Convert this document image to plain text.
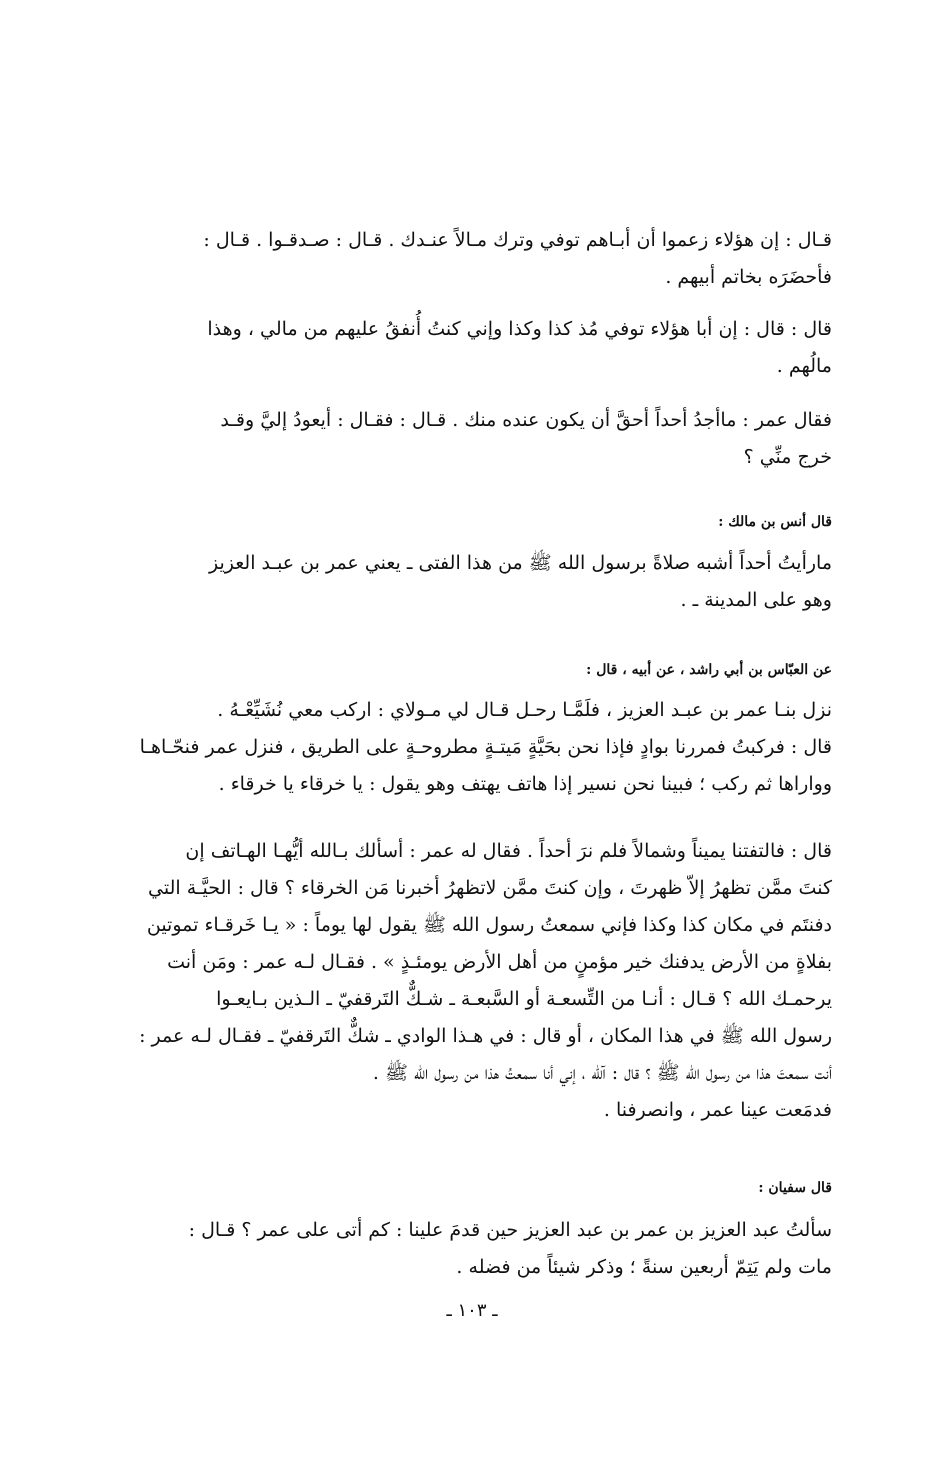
قـال : إن هؤلاء زعموا أن أبـاهم توفي وترك مـالاً عنـدك . قـال : صـدقـوا . قـال :
فأحضَرَه بخاتم أبيهم .
قال : قال : إن أبا هؤلاء توفي مُذ كذا وكذا وإني كنتُ أُنفقُ عليهم من مالي ، وهذا
مالُهم .
فقال عمر : ماأجدُ أحداً أحقَّ أن يكون عنده منك . قـال : فقـال : أيعودُ إليَّ وقـد
خرج منِّي ؟
قال أنس بن مالك :
مارأيتُ أحداً أشبه صلاةً برسول الله ﷺ من هذا الفتى ـ يعني عمر بن عبـد العزيز
وهو على المدينة ـ .
عن العبّاس بن أبي راشد ، عن أبيه ، قال :
نزل بنـا عمر بن عبـد العزيز ، فلَمَّـا رحـل قـال لي مـولاي : اركب معي نُشَيِّعْـهُ .
قال : فركبتُ فمررنا بوادٍ فإذا نحن بحَيَّةٍ مَيتـةٍ مطروحـةٍ على الطريق ، فنزل عمر فنحّـاهـا
وواراها ثم ركب ؛ فبينا نحن نسير إذا هاتف يهتف وهو يقول : يا خرقاء يا خرقاء .
قال : فالتفتنا يميناً وشمالاً فلم نرَ أحداً . فقال له عمر : أسألك بـالله أيُّهـا الهـاتف إن
كنتَ ممَّن تظهرُ إلاّ ظهرتَ ، وإن كنتَ ممَّن لاتظهرُ أخبرنا مَن الخرقاء ؟ قال : الحيَّـة التي
دفنتَم في مكان كذا وكذا فإني سمعتُ رسول الله ﷺ يقول لها يوماً : « يـا خَرقـاء تموتين
بفلاةٍ من الأرض يدفنك خير مؤمنٍ من أهل الأرض يومئـذٍ » . فقـال لـه عمر : ومَن أنت
يرحمـك الله ؟ قـال : أنـا من التِّسعـة أو السَّبعـة ـ شـكٌّ التَرقفيّ ـ الـذين بـايعـوا
رسول الله ﷺ في هذا المكان ، أو قال : في هـذا الوادي ـ شكٌّ التَرقفيّ ـ فقـال لـه عمر :
أنت سمعتَ هذا من رسول الله ﷺ ؟ قال : آلله ، إني أنا سمعتُ هذا من رسول الله ﷺ .
فدمَعت عينا عمر ، وانصرفنا .
قال سفيان :
سألتُ عبد العزيز بن عمر بن عبد العزيز حين قدمَ علينا : كم أتى على عمر ؟ قـال :
مات ولم يَتِمّ أربعين سنةً ؛ وذكر شيئاً من فضله .
ـ ١٠٣ ـ
